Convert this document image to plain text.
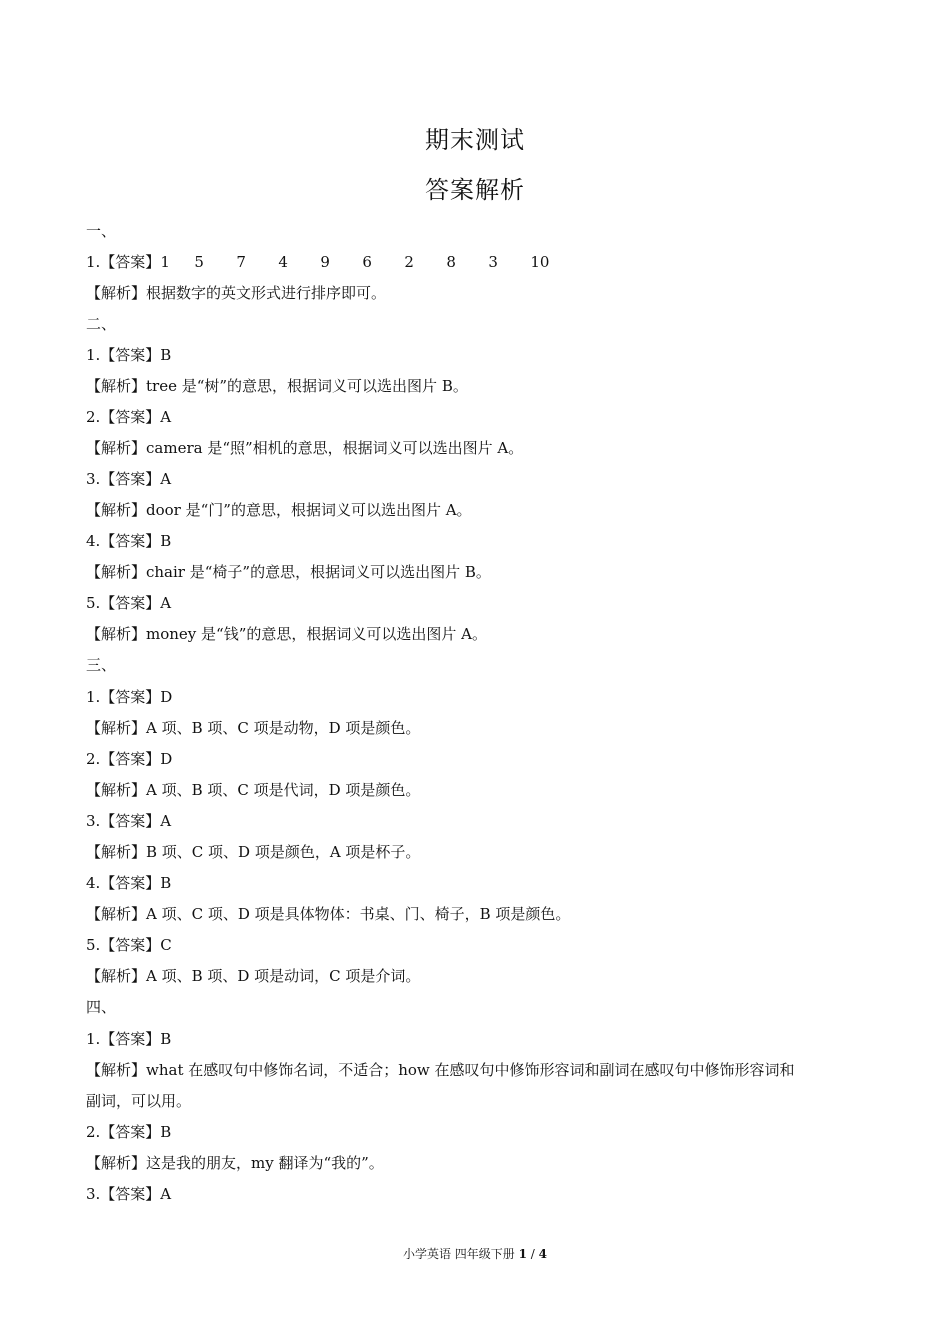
期末测试
答案解析
一、
1.【答案】1 5 7 4 9 6 2 8 3 10
【解析】根据数字的英文形式进行排序即可。
二、
1.【答案】B
【解析】tree 是“树”的意思，根据词义可以选出图片 B。
2.【答案】A
【解析】camera 是“照”相机的意思，根据词义可以选出图片 A。
3.【答案】A
【解析】door 是“门”的意思，根据词义可以选出图片 A。
4.【答案】B
【解析】chair 是“椅子”的意思，根据词义可以选出图片 B。
5.【答案】A
【解析】money 是“钱”的意思，根据词义可以选出图片 A。
三、
1.【答案】D
【解析】A 项、B 项、C 项是动物，D 项是颜色。
2.【答案】D
【解析】A 项、B 项、C 项是代词，D 项是颜色。
3.【答案】A
【解析】B 项、C 项、D 项是颜色，A 项是杯子。
4.【答案】B
【解析】A 项、C 项、D 项是具体物体：书桌、门、椅子，B 项是颜色。
5.【答案】C
【解析】A 项、B 项、D 项是动词，C 项是介词。
四、
1.【答案】B
【解析】what 在感叹句中修饰名词，不适合；how 在感叹句中修饰形容词和副词在感叹句中修饰形容词和
副词，可以用。
2.【答案】B
【解析】这是我的朋友，my 翻译为“我的”。
3.【答案】A
小学英语 四年级下册 1 / 4
